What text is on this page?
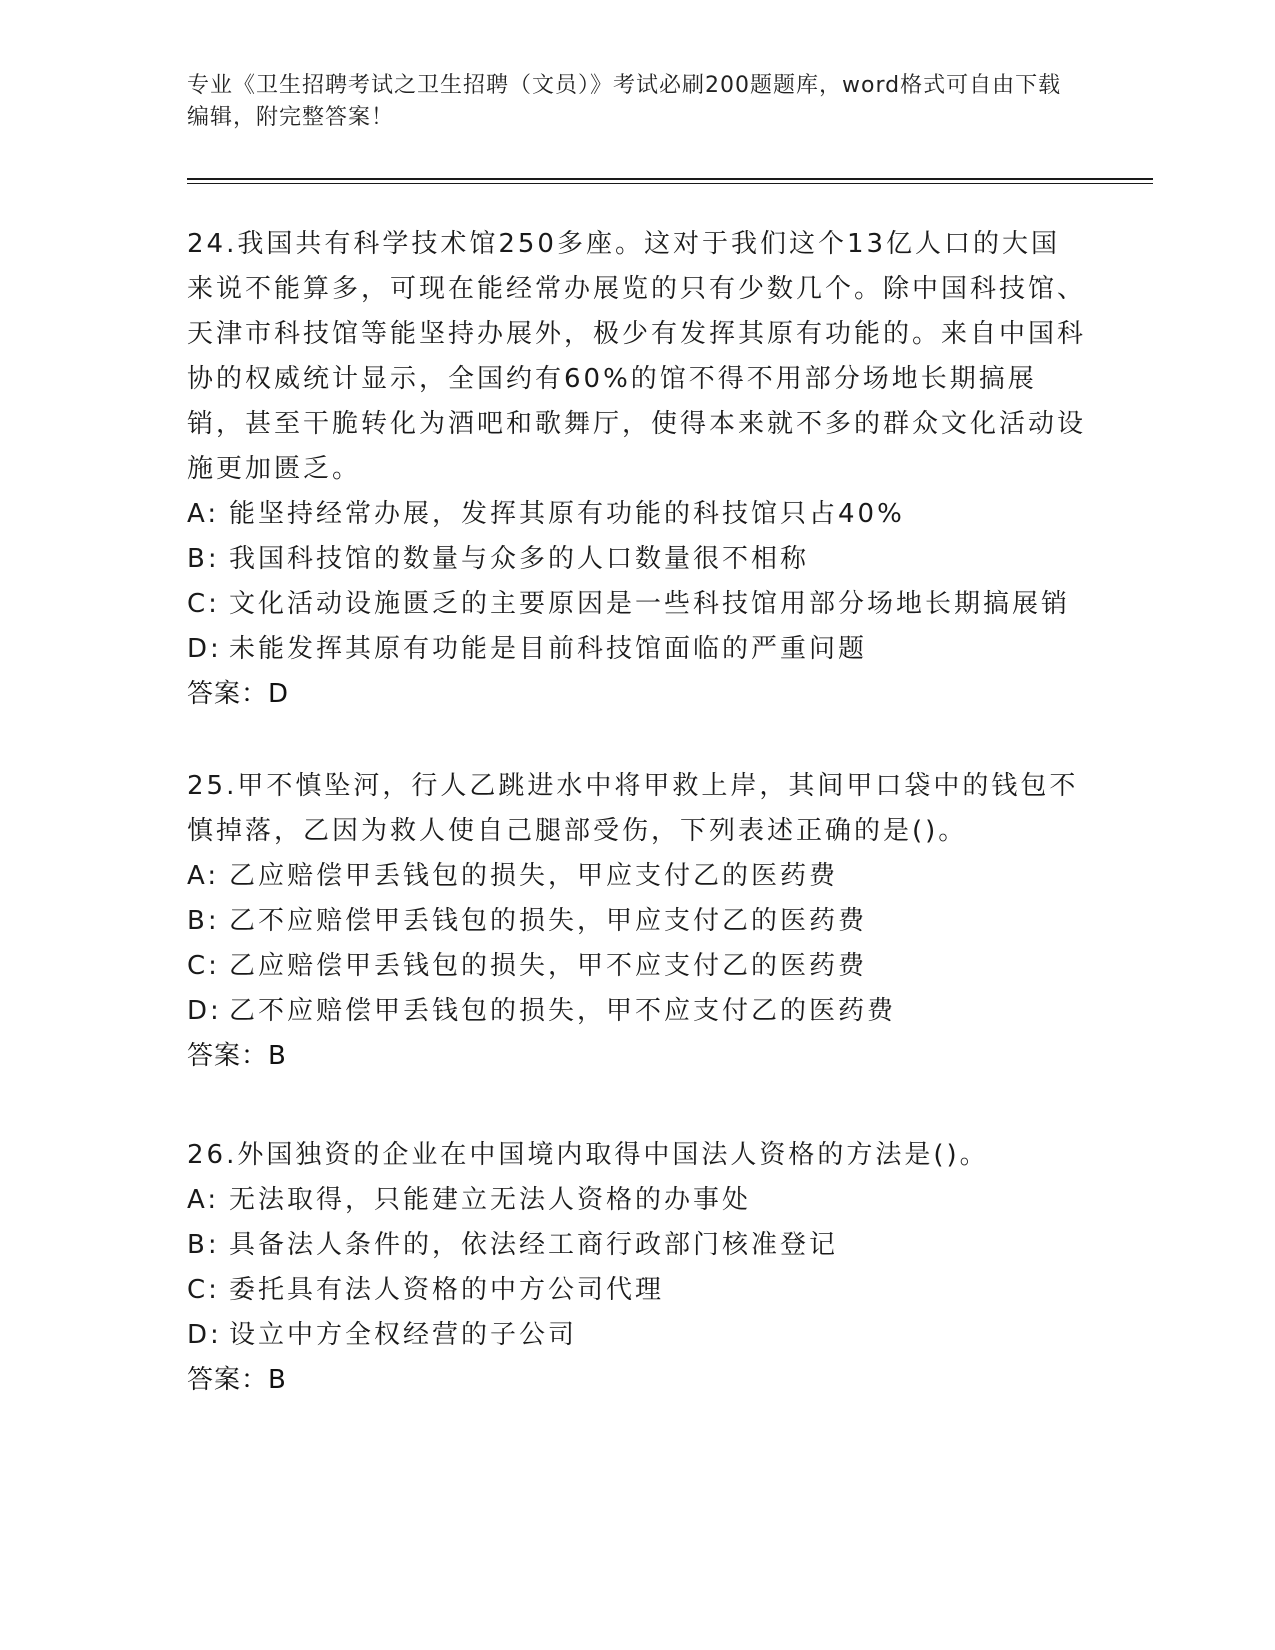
专业《卫生招聘考试之卫生招聘（文员）》考试必刷200题题库，word格式可自由下载编辑，附完整答案！
24.我国共有科学技术馆250多座。这对于我们这个13亿人口的大国来说不能算多，可现在能经常办展览的只有少数几个。除中国科技馆、天津市科技馆等能坚持办展外，极少有发挥其原有功能的。来自中国科协的权威统计显示，全国约有60%的馆不得不用部分场地长期搞展销，甚至干脆转化为酒吧和歌舞厅，使得本来就不多的群众文化活动设施更加匮乏。
A: 能坚持经常办展，发挥其原有功能的科技馆只占40%
B: 我国科技馆的数量与众多的人口数量很不相称
C: 文化活动设施匮乏的主要原因是一些科技馆用部分场地长期搞展销
D: 未能发挥其原有功能是目前科技馆面临的严重问题
答案：D
25.甲不慎坠河，行人乙跳进水中将甲救上岸，其间甲口袋中的钱包不慎掉落，乙因为救人使自己腿部受伤，下列表述正确的是()。
A: 乙应赔偿甲丢钱包的损失，甲应支付乙的医药费
B: 乙不应赔偿甲丢钱包的损失，甲应支付乙的医药费
C: 乙应赔偿甲丢钱包的损失，甲不应支付乙的医药费
D: 乙不应赔偿甲丢钱包的损失，甲不应支付乙的医药费
答案：B
26.外国独资的企业在中国境内取得中国法人资格的方法是()。
A: 无法取得，只能建立无法人资格的办事处
B: 具备法人条件的，依法经工商行政部门核准登记
C: 委托具有法人资格的中方公司代理
D: 设立中方全权经营的子公司
答案：B
